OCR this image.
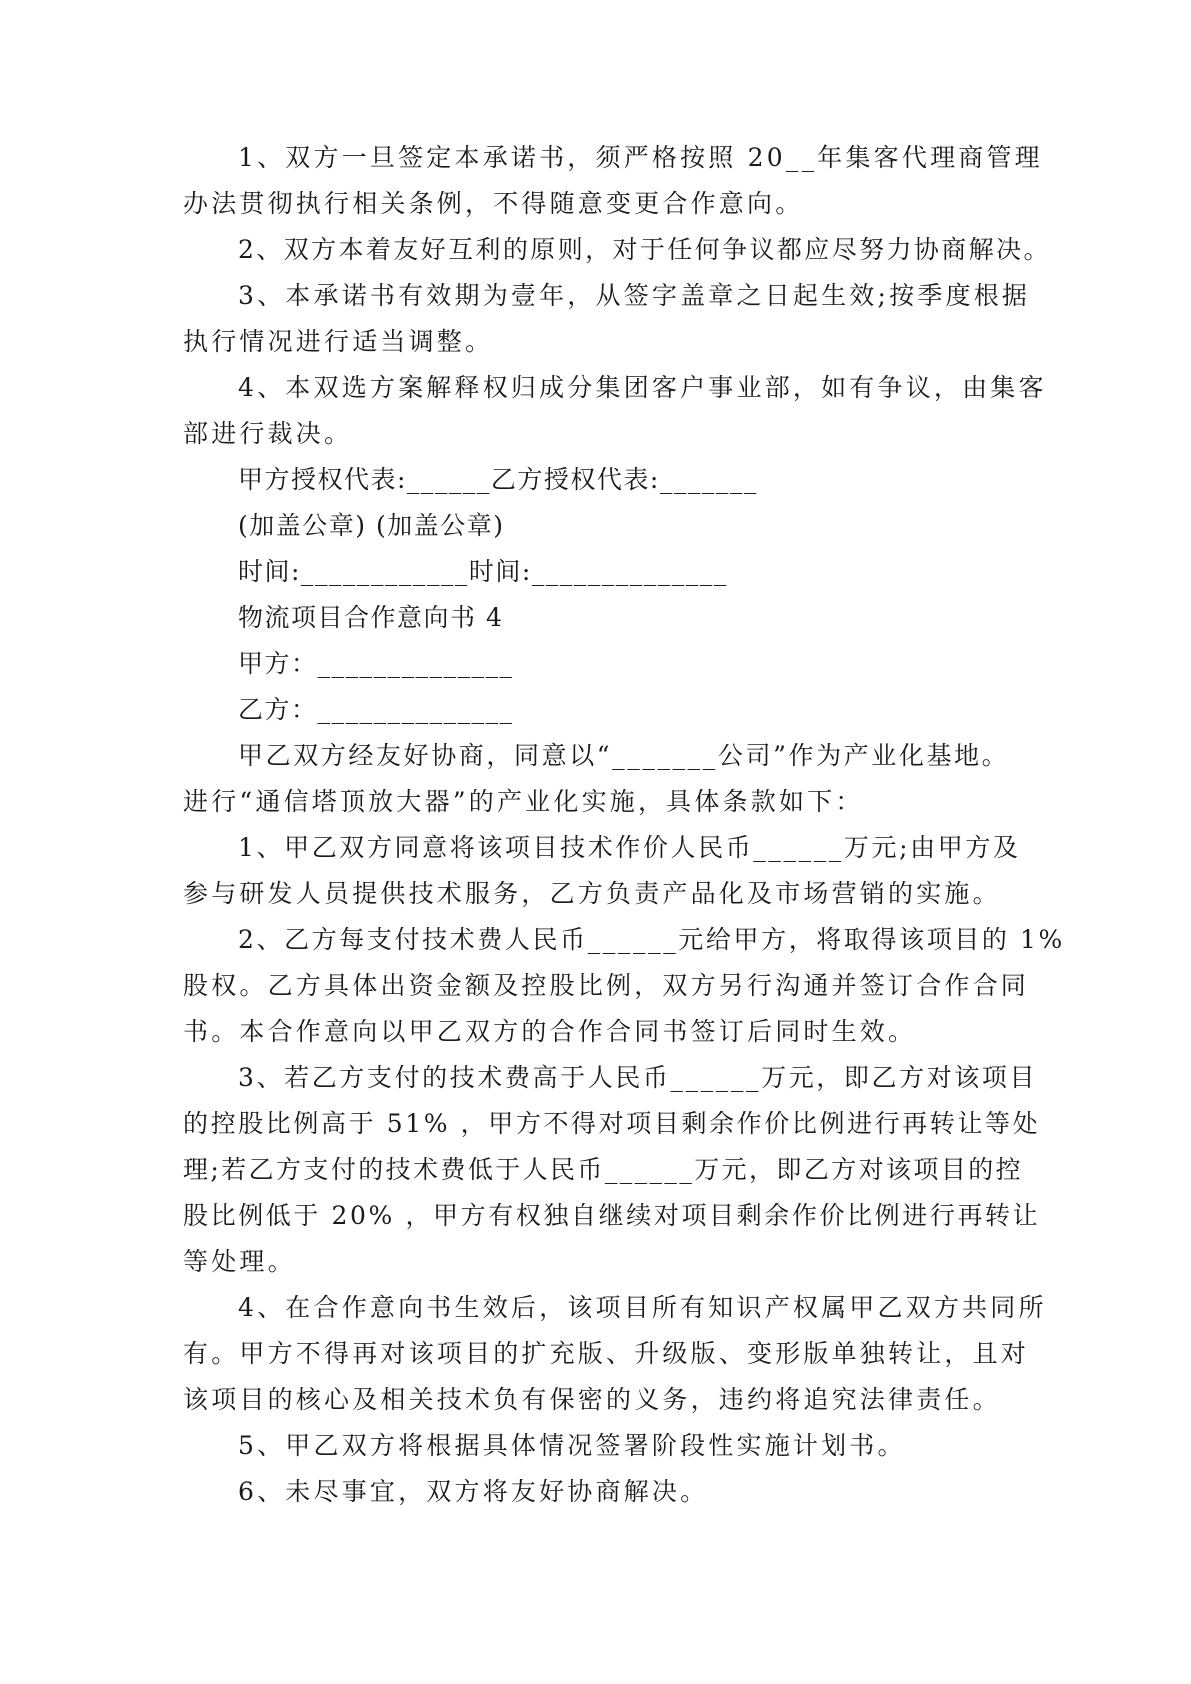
1、双方一旦签定本承诺书，须严格按照 20__年集客代理商管理

办法贯彻执行相关条例，不得随意变更合作意向。

2、双方本着友好互利的原则，对于任何争议都应尽努力协商解决。

3、本承诺书有效期为壹年，从签字盖章之日起生效;按季度根据

执行情况进行适当调整。

4、本双选方案解释权归成分集团客户事业部，如有争议，由集客

部进行裁决。

甲方授权代表:______乙方授权代表:_______

(加盖公章) (加盖公章)

时间:____________时间:______________

物流项目合作意向书 4

甲方：______________

乙方：______________

甲乙双方经友好协商，同意以“_______公司”作为产业化基地。

进行“通信塔顶放大器”的产业化实施，具体条款如下：

1、甲乙双方同意将该项目技术作价人民币______万元;由甲方及

参与研发人员提供技术服务，乙方负责产品化及市场营销的实施。

2、乙方每支付技术费人民币______元给甲方，将取得该项目的 1%

股权。乙方具体出资金额及控股比例，双方另行沟通并签订合作合同

书。本合作意向以甲乙双方的合作合同书签订后同时生效。

3、若乙方支付的技术费高于人民币______万元，即乙方对该项目

的控股比例高于 51% ，甲方不得对项目剩余作价比例进行再转让等处

理;若乙方支付的技术费低于人民币______万元，即乙方对该项目的控

股比例低于 20% ，甲方有权独自继续对项目剩余作价比例进行再转让

等处理。

4、在合作意向书生效后，该项目所有知识产权属甲乙双方共同所

有。甲方不得再对该项目的扩充版、升级版、变形版单独转让，且对

该项目的核心及相关技术负有保密的义务，违约将追究法律责任。

5、甲乙双方将根据具体情况签署阶段性实施计划书。

6、未尽事宜，双方将友好协商解决。
